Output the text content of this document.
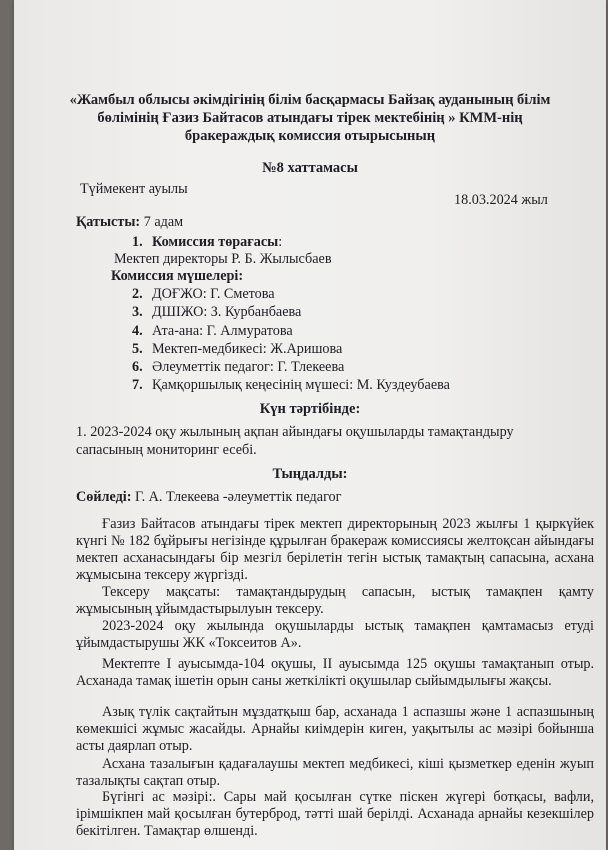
«Жамбыл облысы әкімдігінің білім басқармасы Байзақ ауданының білім
бөлімінің Ғазиз Байтасов атындағы тірек мектебінің » КММ-нің
бракераждық комиссия отырысының
№8 хаттамасы
Түймекент ауылы
18.03.2024 жыл
Қатысты: 7 адам
1. Комиссия төрағасы:
Мектеп директоры Р. Б. Жылысбаев
Комиссия мүшелері:
2. ДОҒЖО: Г. Сметова
3. ДШІЖО: З. Курбанбаева
4. Ата-ана: Г. Алмуратова
5. Мектеп-медбикесі: Ж.Аришова
6. Әлеуметтік педагог: Г. Тлекеева
7. Қамқоршылық кеңесінің мүшесі: М. Куздеубаева
Күн тәртібінде:
1. 2023-2024 оқу жылының ақпан айындағы оқушыларды тамақтандыру
сапасының мониторинг есебі.
Тыңдалды:
Сөйледі: Г. А. Тлекеева -әлеуметтік педагог
Ғазиз Байтасов атындағы тірек мектеп директорының 2023 жылғы 1 қыркүйек күнгі № 182 бұйрығы негізінде құрылған бракераж комиссиясы желтоқсан айындағы мектеп асханасындағы бір мезгіл берілетін тегін ыстық тамақтың сапасына, асхана жұмысына тексеру жүргізді.
Тексеру мақсаты: тамақтандырудың сапасын, ыстық тамақпен қамту жұмысының ұйымдастырылуын тексеру.
2023-2024 оқу жылында оқушыларды ыстық тамақпен қамтамасыз етуді ұйымдастырушы ЖК «Токсеитов А».
Мектепте І ауысымда-104 оқушы, ІІ ауысымда 125 оқушы тамақтанып отыр. Асханада тамақ ішетін орын саны жеткілікті оқушылар сыйымдылығы жақсы.
Азық түлік сақтайтын мұздатқыш бар, асханада 1 аспазшы және 1 аспазшының көмекшісі жұмыс жасайды. Арнайы киімдерін киген, уақытылы ас мәзірі бойынша асты даярлап отыр.
Асхана тазалығын қадағалаушы мектеп медбикесі, кіші қызметкер еденін жуып тазалықты сақтап отыр.
Бүгінгі ас мәзірі:. Сары май қосылған сүтке піскен жүгері ботқасы, вафли, ірімшікпен май қосылған бутерброд, тәтті шай берілді. Асханада арнайы кезекшілер бекітілген. Тамақтар өлшенді.
